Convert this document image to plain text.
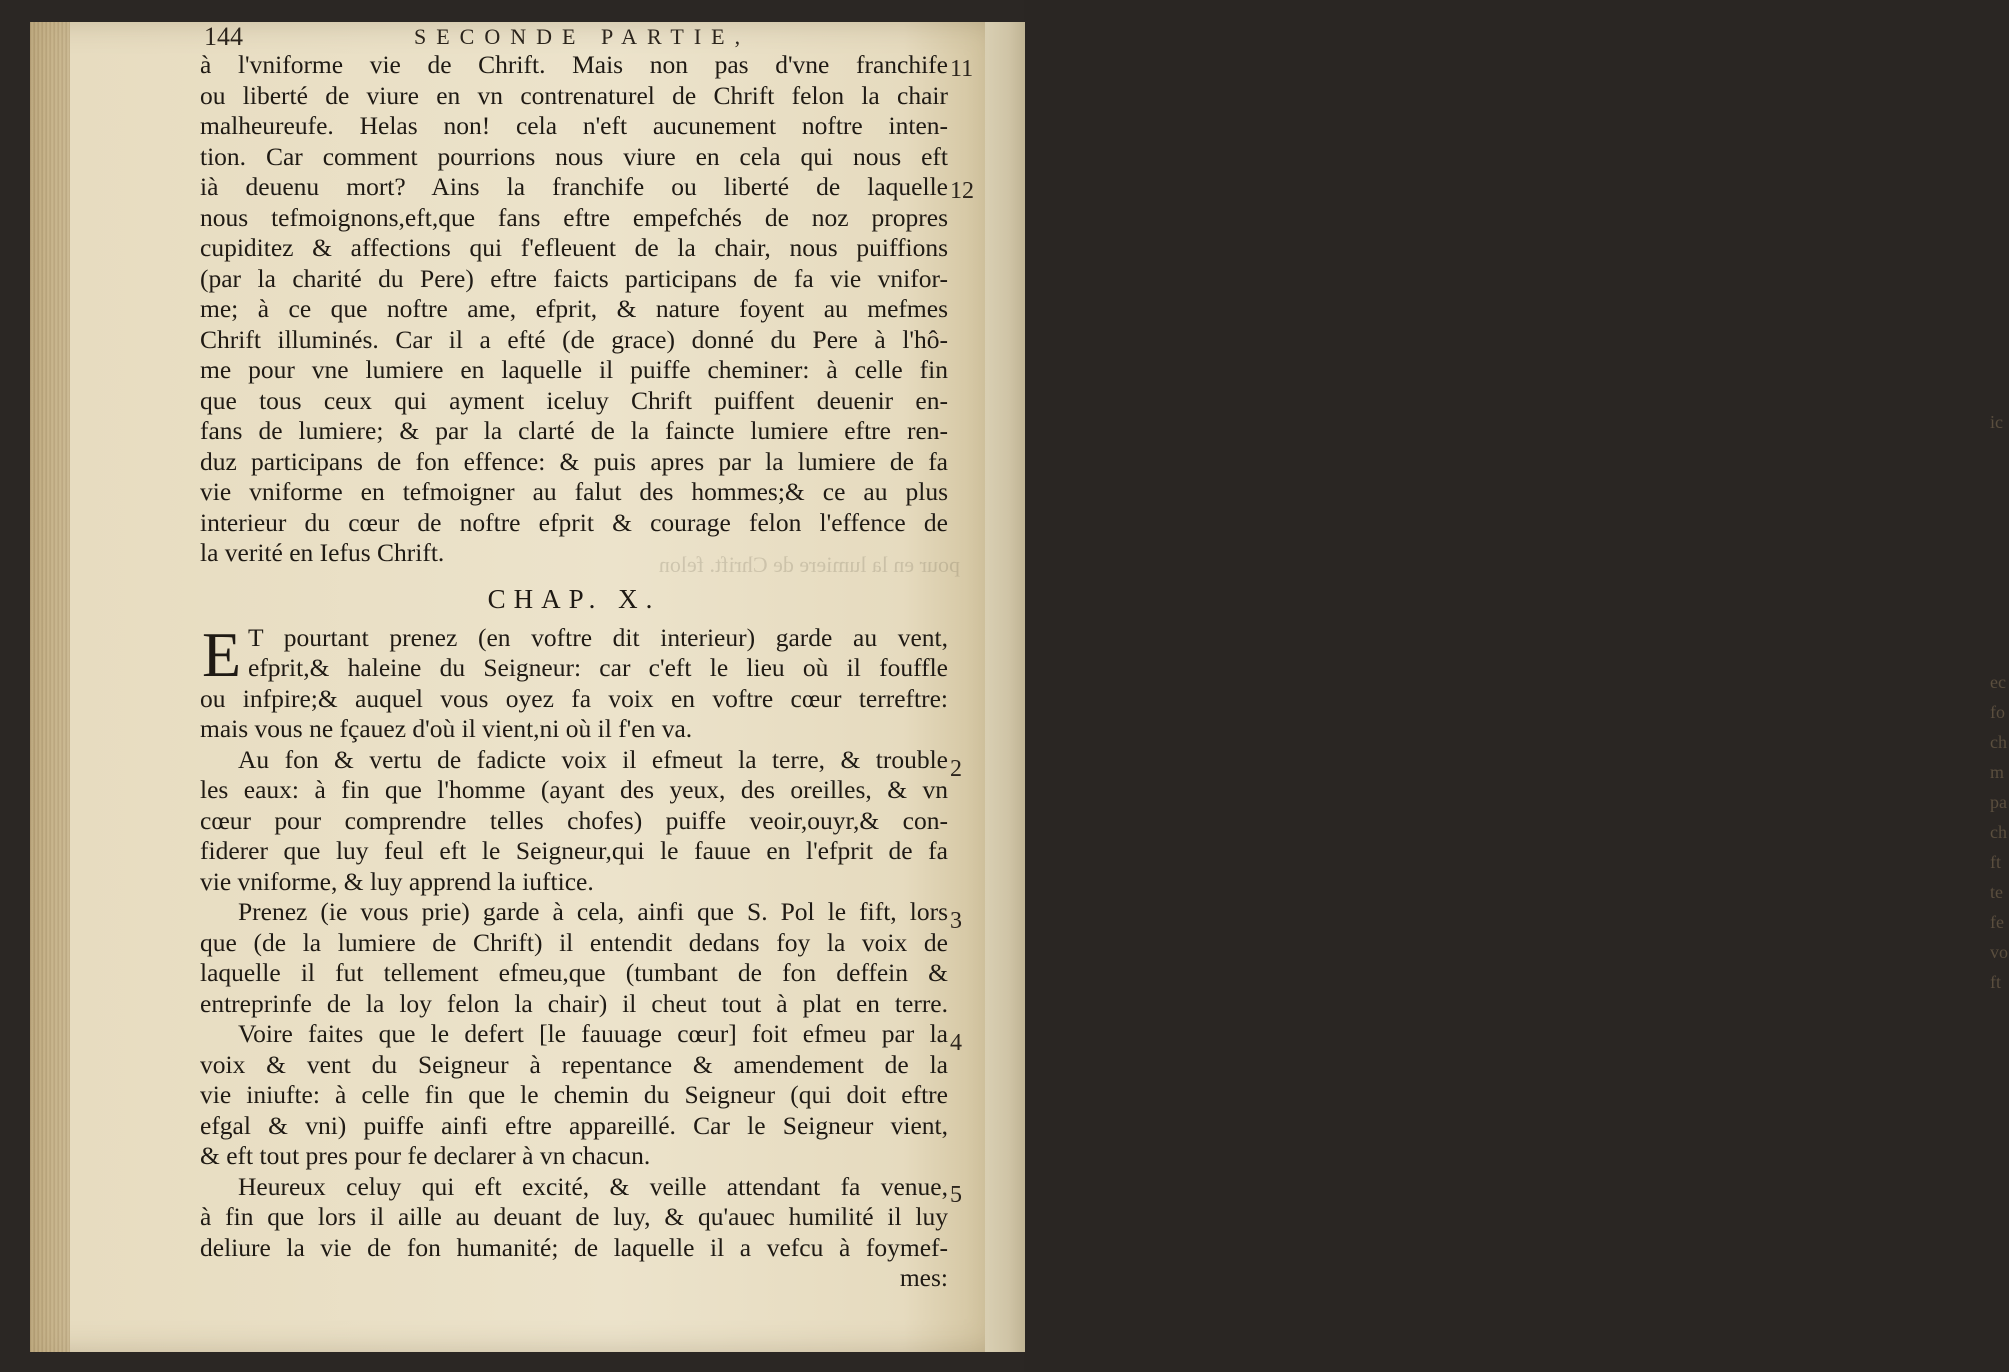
ic
ec
fo
ch
m
pa
ch
ft
te
fe
vo
ft
pour en la lumiere de Chrift. felon
144	SECONDE PARTIE,
à l'vniforme vie de Chrift. Mais non pas d'vne franchife
ou liberté de viure en vn contrenaturel de Chrift felon la chair
malheureufe. Helas non! cela n'eft aucunement noftre inten-
tion. Car comment pourrions nous viure en cela qui nous eft
ià deuenu mort? Ains la franchife ou liberté de laquelle
nous tefmoignons,eft,que fans eftre empefchés de noz propres
cupiditez & affections qui f'efleuent de la chair, nous puiffions
(par la charité du Pere) eftre faicts participans de fa vie vnifor-
me; à ce que noftre ame, efprit, & nature foyent au mefmes
Chrift illuminés. Car il a efté (de grace) donné du Pere à l'hô-
me pour vne lumiere en laquelle il puiffe cheminer: à celle fin
que tous ceux qui ayment iceluy Chrift puiffent deuenir en-
fans de lumiere; & par la clarté de la faincte lumiere eftre ren-
duz participans de fon effence: & puis apres par la lumiere de fa
vie vniforme en tefmoigner au falut des hommes;& ce au plus
interieur du cœur de noftre efprit & courage felon l'effence de
la verité en Iefus Chrift.
CHAP. X.
E T pourtant prenez (en voftre dit interieur) garde au vent,
efprit,& haleine du Seigneur: car c'eft le lieu où il fouffle
ou infpire;& auquel vous oyez fa voix en voftre cœur terreftre:
mais vous ne fçauez d'où il vient,ni où il f'en va.
Au fon & vertu de fadicte voix il efmeut la terre, & trouble
les eaux: à fin que l'homme (ayant des yeux, des oreilles, & vn
cœur pour comprendre telles chofes) puiffe veoir,ouyr,& con-
fiderer que luy feul eft le Seigneur,qui le fauue en l'efprit de fa
vie vniforme, & luy apprend la iuftice.
Prenez (ie vous prie) garde à cela, ainfi que S. Pol le fift, lors
que (de la lumiere de Chrift) il entendit dedans foy la voix de
laquelle il fut tellement efmeu,que (tumbant de fon deffein &
entreprinfe de la loy felon la chair) il cheut tout à plat en terre.
Voire faites que le defert [le fauuage cœur] foit efmeu par la
voix & vent du Seigneur à repentance & amendement de la
vie iniufte: à celle fin que le chemin du Seigneur (qui doit eftre
efgal & vni) puiffe ainfi eftre appareillé. Car le Seigneur vient,
& eft tout pres pour fe declarer à vn chacun.
Heureux celuy qui eft excité, & veille attendant fa venue,
à fin que lors il aille au deuant de luy, & qu'auec humilité il luy
deliure la vie de fon humanité; de laquelle il a vefcu à foymef-
mes:
11
12
2
3
4
5
